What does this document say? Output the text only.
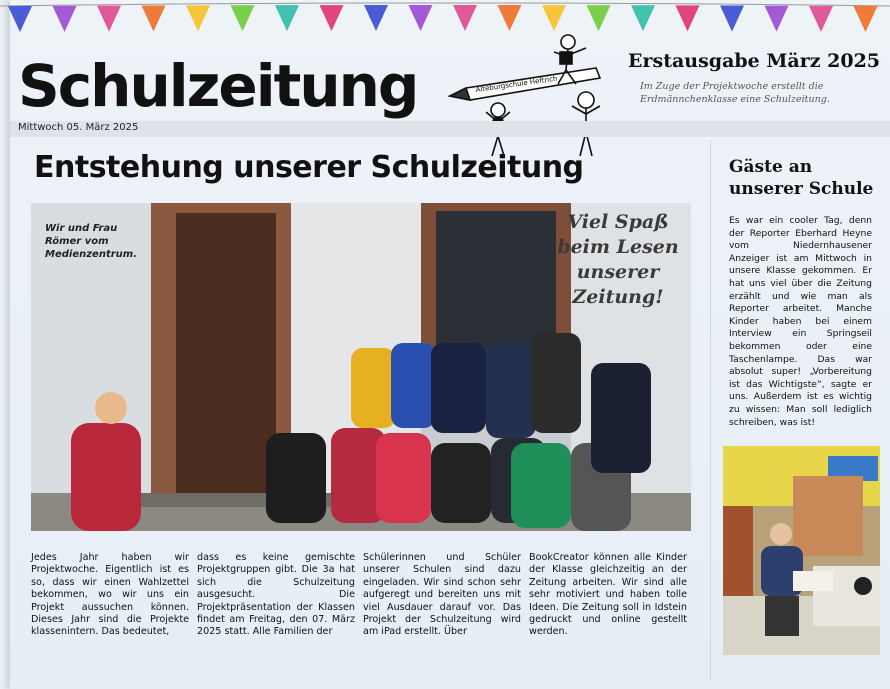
Schulzeitung	Alteburgschule Heftrich
Erstausgabe März 2025
Im Zuge der Projektwoche erstellt die Erdmännchenklasse eine Schulzeitung.
Mittwoch 05. März 2025
Entstehung unserer Schulzeitung
Wir und Frau Römer vom Medienzentrum.
Viel Spaß beim Lesen unserer Zeitung!
Jedes Jahr haben wir Projektwoche. Eigentlich ist es so, dass wir einen Wahlzettel bekommen, wo wir uns ein Projekt aussuchen können. Dieses Jahr sind die Projekte klassenintern. Das bedeutet,
dass es keine gemischte Projektgruppen gibt. Die 3a hat sich die Schulzeitung ausgesucht. Die Projektpräsentation der Klassen findet am Freitag, den 07. März 2025 statt. Alle Familien der
Schülerinnen und Schüler unserer Schulen sind dazu eingeladen. Wir sind schon sehr aufgeregt und bereiten uns mit viel Ausdauer darauf vor. Das Projekt der Schulzeitung wird am iPad erstellt. Über
BookCreator können alle Kinder der Klasse gleichzeitig an der Zeitung arbeiten. Wir sind alle sehr motiviert und haben tolle Ideen. Die Zeitung soll in Idstein gedruckt und online gestellt werden.
Gäste an unserer Schule
Es war ein cooler Tag, denn der Reporter Eberhard Heyne vom Niedernhausener Anzeiger ist am Mittwoch in unsere Klasse gekommen. Er hat uns viel über die Zeitung erzählt und wie man als Reporter arbeitet. Manche Kinder haben bei einem Interview ein Springseil bekommen oder eine Taschenlampe. Das war absolut super! „Vorbereitung ist das Wichtigste“, sagte er uns. Außerdem ist es wichtig zu wissen: Man soll lediglich schreiben, was ist!
